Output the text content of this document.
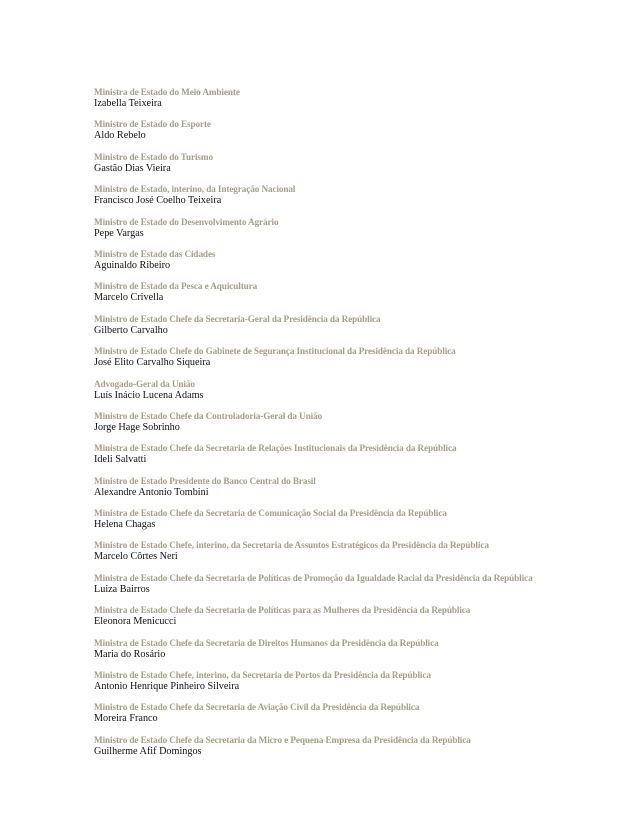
Ministra de Estado do Meio Ambiente
Izabella Teixeira
Ministro de Estado do Esporte
Aldo Rebelo
Ministro de Estado do Turismo
Gastão Dias Vieira
Ministro de Estado, interino, da Integração Nacional
Francisco José Coelho Teixeira
Ministro de Estado do Desenvolvimento Agrário
Pepe Vargas
Ministro de Estado das Cidades
Aguinaldo Ribeiro
Ministro de Estado da Pesca e Aquicultura
Marcelo Crivella
Ministro de Estado Chefe da Secretaria-Geral da Presidência da República
Gilberto Carvalho
Ministro de Estado Chefe do Gabinete de Segurança Institucional da Presidência da República
José Elito Carvalho Siqueira
Advogado-Geral da União
Luís Inácio Lucena Adams
Ministro de Estado Chefe da Controladoria-Geral da União
Jorge Hage Sobrinho
Ministra de Estado Chefe da Secretaria de Relações Institucionais da Presidência da República
Ideli Salvatti
Ministro de Estado Presidente do Banco Central do Brasil
Alexandre Antonio Tombini
Ministra de Estado Chefe da Secretaria de Comunicação Social da Presidência da República
Helena Chagas
Ministro de Estado Chefe, interino, da Secretaria de Assuntos Estratégicos da Presidência da República
Marcelo Côrtes Neri
Ministra de Estado Chefe da Secretaria de Políticas de Promoção da Igualdade Racial da Presidência da República
Luiza Bairros
Ministra de Estado Chefe da Secretaria de Políticas para as Mulheres da Presidência da República
Eleonora Menicucci
Ministra de Estado Chefe da Secretaria de Direitos Humanos da Presidência da República
Maria do Rosário
Ministro de Estado Chefe, interino, da Secretaria de Portos da Presidência da República
Antonio Henrique Pinheiro Silveira
Ministro de Estado Chefe da Secretaria de Aviação Civil da Presidência da República
Moreira Franco
Ministro de Estado Chefe da Secretaria da Micro e Pequena Empresa da Presidência da República
Guilherme Afif Domingos
